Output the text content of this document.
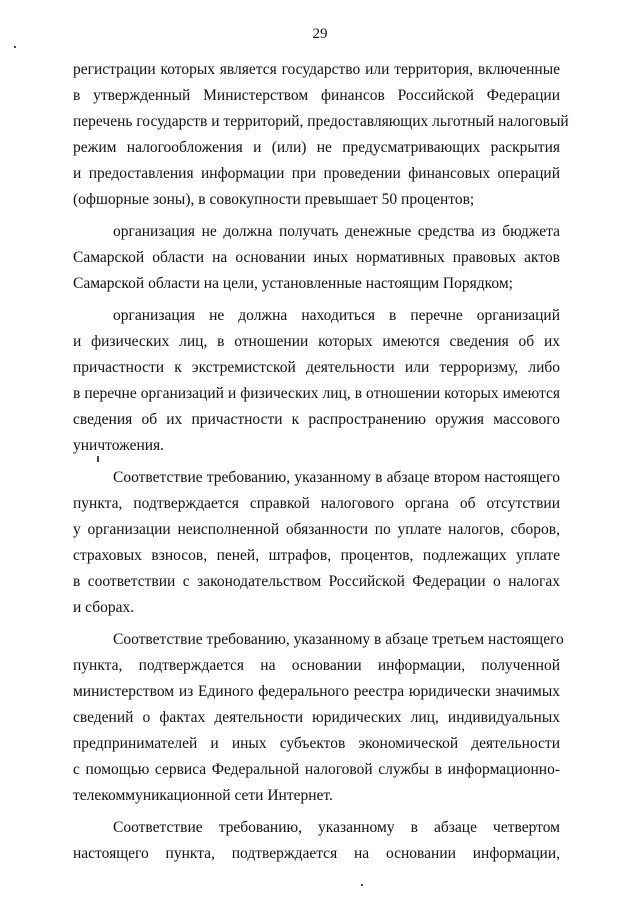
29
регистрации которых является государство или территория, включенные
в утвержденный Министерством финансов Российской Федерации
перечень государств и территорий, предоставляющих льготный налоговый
режим налогообложения и (или) не предусматривающих раскрытия
и предоставления информации при проведении финансовых операций
(офшорные зоны), в совокупности превышает 50 процентов;
организация не должна получать денежные средства из бюджета
Самарской области на основании иных нормативных правовых актов
Самарской области на цели, установленные настоящим Порядком;
организация не должна находиться в перечне организаций
и физических лиц, в отношении которых имеются сведения об их
причастности к экстремистской деятельности или терроризму, либо
в перечне организаций и физических лиц, в отношении которых имеются
сведения об их причастности к распространению оружия массового
уничтожения.
Соответствие требованию, указанному в абзаце втором настоящего
пункта, подтверждается справкой налогового органа об отсутствии
у организации неисполненной обязанности по уплате налогов, сборов,
страховых взносов, пеней, штрафов, процентов, подлежащих уплате
в соответствии с законодательством Российской Федерации о налогах
и сборах.
Соответствие требованию, указанному в абзаце третьем настоящего
пункта, подтверждается на основании информации, полученной
министерством из Единого федерального реестра юридически значимых
сведений о фактах деятельности юридических лиц, индивидуальных
предпринимателей и иных субъектов экономической деятельности
с помощью сервиса Федеральной налоговой службы в информационно-
телекоммуникационной сети Интернет.
Соответствие требованию, указанному в абзаце четвертом
настоящего пункта, подтверждается на основании информации,
